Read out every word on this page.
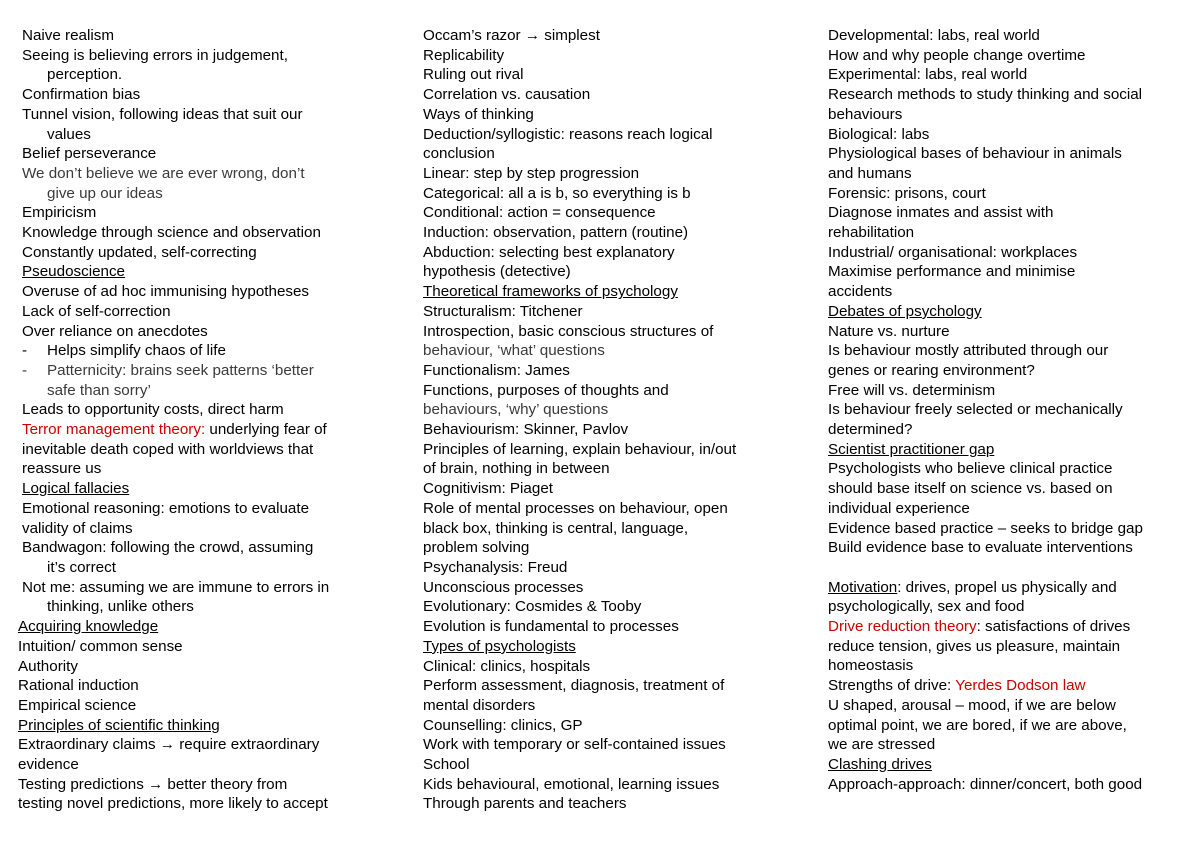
Naive realism
Seeing is believing errors in judgement,
perception.
Confirmation bias
Tunnel vision, following ideas that suit our
values
Belief perseverance
We don’t believe we are ever wrong, don’t
give up our ideas
Empiricism
Knowledge through science and observation
Constantly updated, self-correcting
Pseudoscience
Overuse of ad hoc immunising hypotheses
Lack of self-correction
Over reliance on anecdotes
- Helps simplify chaos of life
- Patternicity: brains seek patterns ‘better
safe than sorry’
Leads to opportunity costs, direct harm
Terror management theory: underlying fear of
inevitable death coped with worldviews that
reassure us
Logical fallacies
Emotional reasoning: emotions to evaluate
validity of claims
Bandwagon: following the crowd, assuming
it’s correct
Not me: assuming we are immune to errors in
thinking, unlike others
Acquiring knowledge
Intuition/ common sense
Authority
Rational induction
Empirical science
Principles of scientific thinking
Extraordinary claims → require extraordinary
evidence
Testing predictions → better theory from
testing novel predictions, more likely to accept
Occam’s razor → simplest
Replicability
Ruling out rival
Correlation vs. causation
Ways of thinking
Deduction/syllogistic: reasons reach logical
conclusion
Linear: step by step progression
Categorical: all a is b, so everything is b
Conditional: action = consequence
Induction: observation, pattern (routine)
Abduction: selecting best explanatory
hypothesis (detective)
Theoretical frameworks of psychology
Structuralism: Titchener
Introspection, basic conscious structures of
behaviour, ‘what’ questions
Functionalism: James
Functions, purposes of thoughts and
behaviours, ‘why’ questions
Behaviourism: Skinner, Pavlov
Principles of learning, explain behaviour, in/out
of brain, nothing in between
Cognitivism: Piaget
Role of mental processes on behaviour, open
black box, thinking is central, language,
problem solving
Psychanalysis: Freud
Unconscious processes
Evolutionary: Cosmides & Tooby
Evolution is fundamental to processes
Types of psychologists
Clinical: clinics, hospitals
Perform assessment, diagnosis, treatment of
mental disorders
Counselling: clinics, GP
Work with temporary or self-contained issues
School
Kids behavioural, emotional, learning issues
Through parents and teachers
Developmental: labs, real world
How and why people change overtime
Experimental: labs, real world
Research methods to study thinking and social
behaviours
Biological: labs
Physiological bases of behaviour in animals
and humans
Forensic: prisons, court
Diagnose inmates and assist with
rehabilitation
Industrial/ organisational: workplaces
Maximise performance and minimise
accidents
Debates of psychology
Nature vs. nurture
Is behaviour mostly attributed through our
genes or rearing environment?
Free will vs. determinism
Is behaviour freely selected or mechanically
determined?
Scientist practitioner gap
Psychologists who believe clinical practice
should base itself on science vs. based on
individual experience
Evidence based practice – seeks to bridge gap
Build evidence base to evaluate interventions
Motivation: drives, propel us physically and
psychologically, sex and food
Drive reduction theory: satisfactions of drives
reduce tension, gives us pleasure, maintain
homeostasis
Strengths of drive: Yerdes Dodson law
U shaped, arousal – mood, if we are below
optimal point, we are bored, if we are above,
we are stressed
Clashing drives
Approach-approach: dinner/concert, both good
